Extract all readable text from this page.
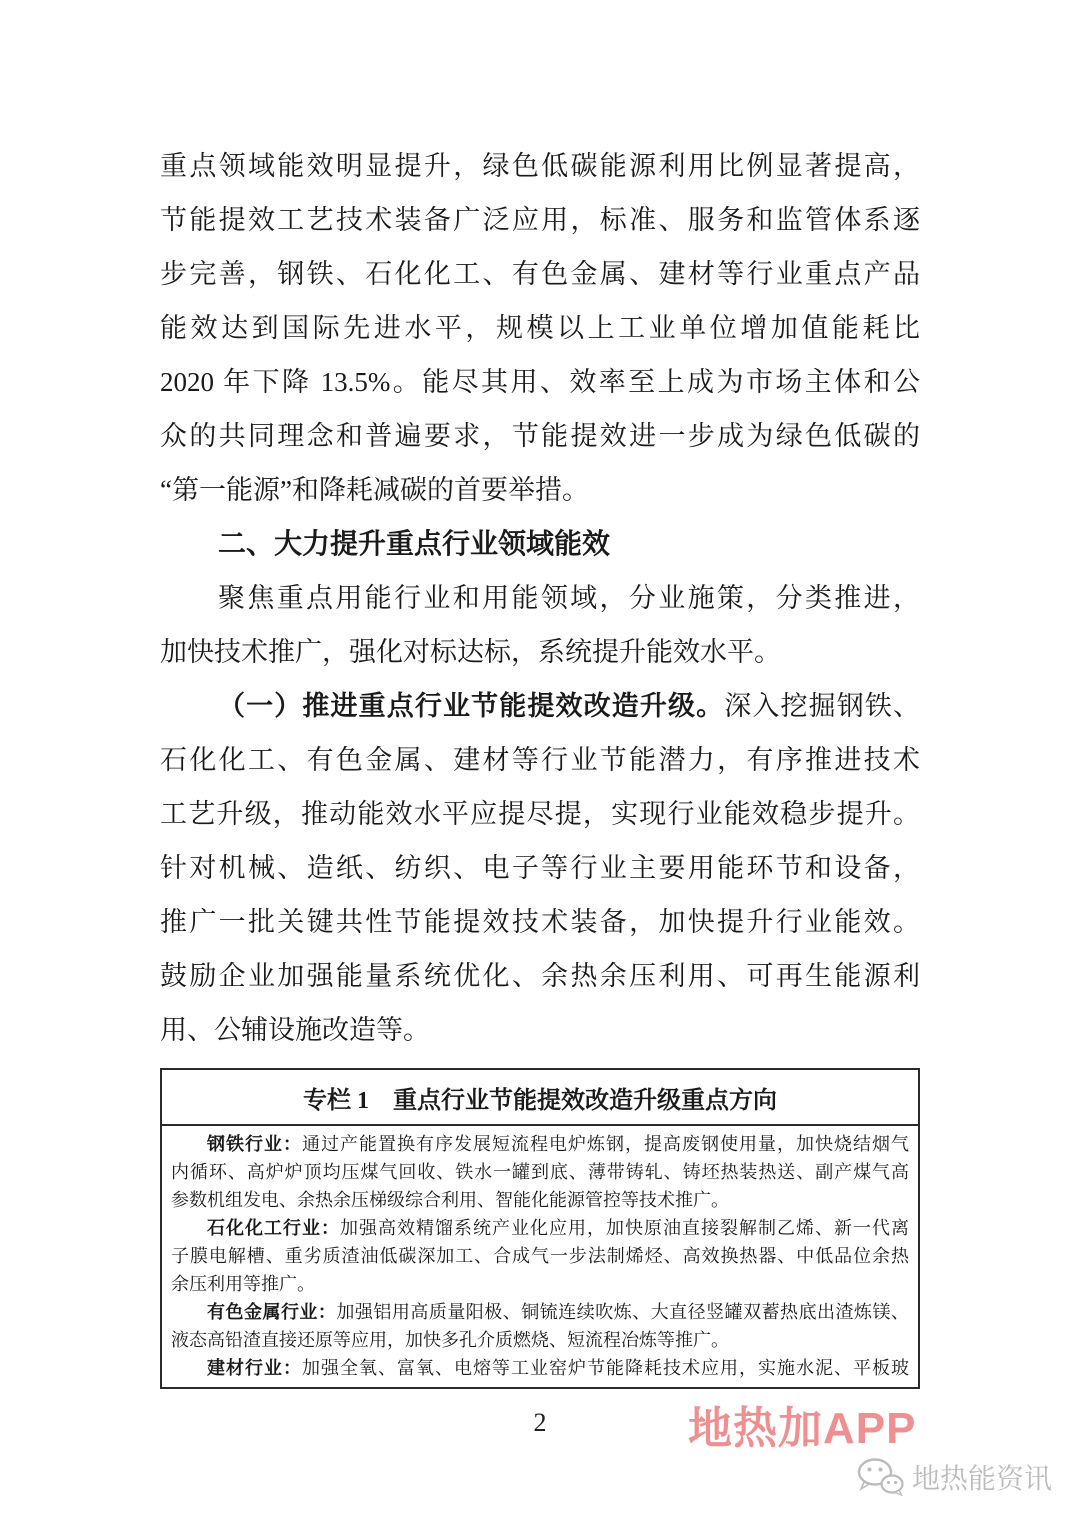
重点领域能效明显提升，绿色低碳能源利用比例显著提高，
节能提效工艺技术装备广泛应用，标准、服务和监管体系逐
步完善，钢铁、石化化工、有色金属、建材等行业重点产品
能效达到国际先进水平，规模以上工业单位增加值能耗比
2020 年下降 13.5%。能尽其用、效率至上成为市场主体和公
众的共同理念和普遍要求，节能提效进一步成为绿色低碳的
“第一能源”和降耗减碳的首要举措。
二、大力提升重点行业领域能效
聚焦重点用能行业和用能领域，分业施策，分类推进，
加快技术推广，强化对标达标，系统提升能效水平。
（一）推进重点行业节能提效改造升级。深入挖掘钢铁、
石化化工、有色金属、建材等行业节能潜力，有序推进技术
工艺升级，推动能效水平应提尽提，实现行业能效稳步提升。
针对机械、造纸、纺织、电子等行业主要用能环节和设备，
推广一批关键共性节能提效技术装备，加快提升行业能效。
鼓励企业加强能量系统优化、余热余压利用、可再生能源利
用、公辅设施改造等。
专栏 1　重点行业节能提效改造升级重点方向
钢铁行业：通过产能置换有序发展短流程电炉炼钢，提高废钢使用量，加快烧结烟气
内循环、高炉炉顶均压煤气回收、铁水一罐到底、薄带铸轧、铸坯热装热送、副产煤气高
参数机组发电、余热余压梯级综合利用、智能化能源管控等技术推广。
石化化工行业：加强高效精馏系统产业化应用，加快原油直接裂解制乙烯、新一代离
子膜电解槽、重劣质渣油低碳深加工、合成气一步法制烯烃、高效换热器、中低品位余热
余压利用等推广。
有色金属行业：加强铝用高质量阳极、铜锍连续吹炼、大直径竖罐双蓄热底出渣炼镁、
液态高铅渣直接还原等应用，加快多孔介质燃烧、短流程冶炼等推广。
建材行业：加强全氧、富氧、电熔等工业窑炉节能降耗技术应用，实施水泥、平板玻
2	地热加APP
地热能资讯
